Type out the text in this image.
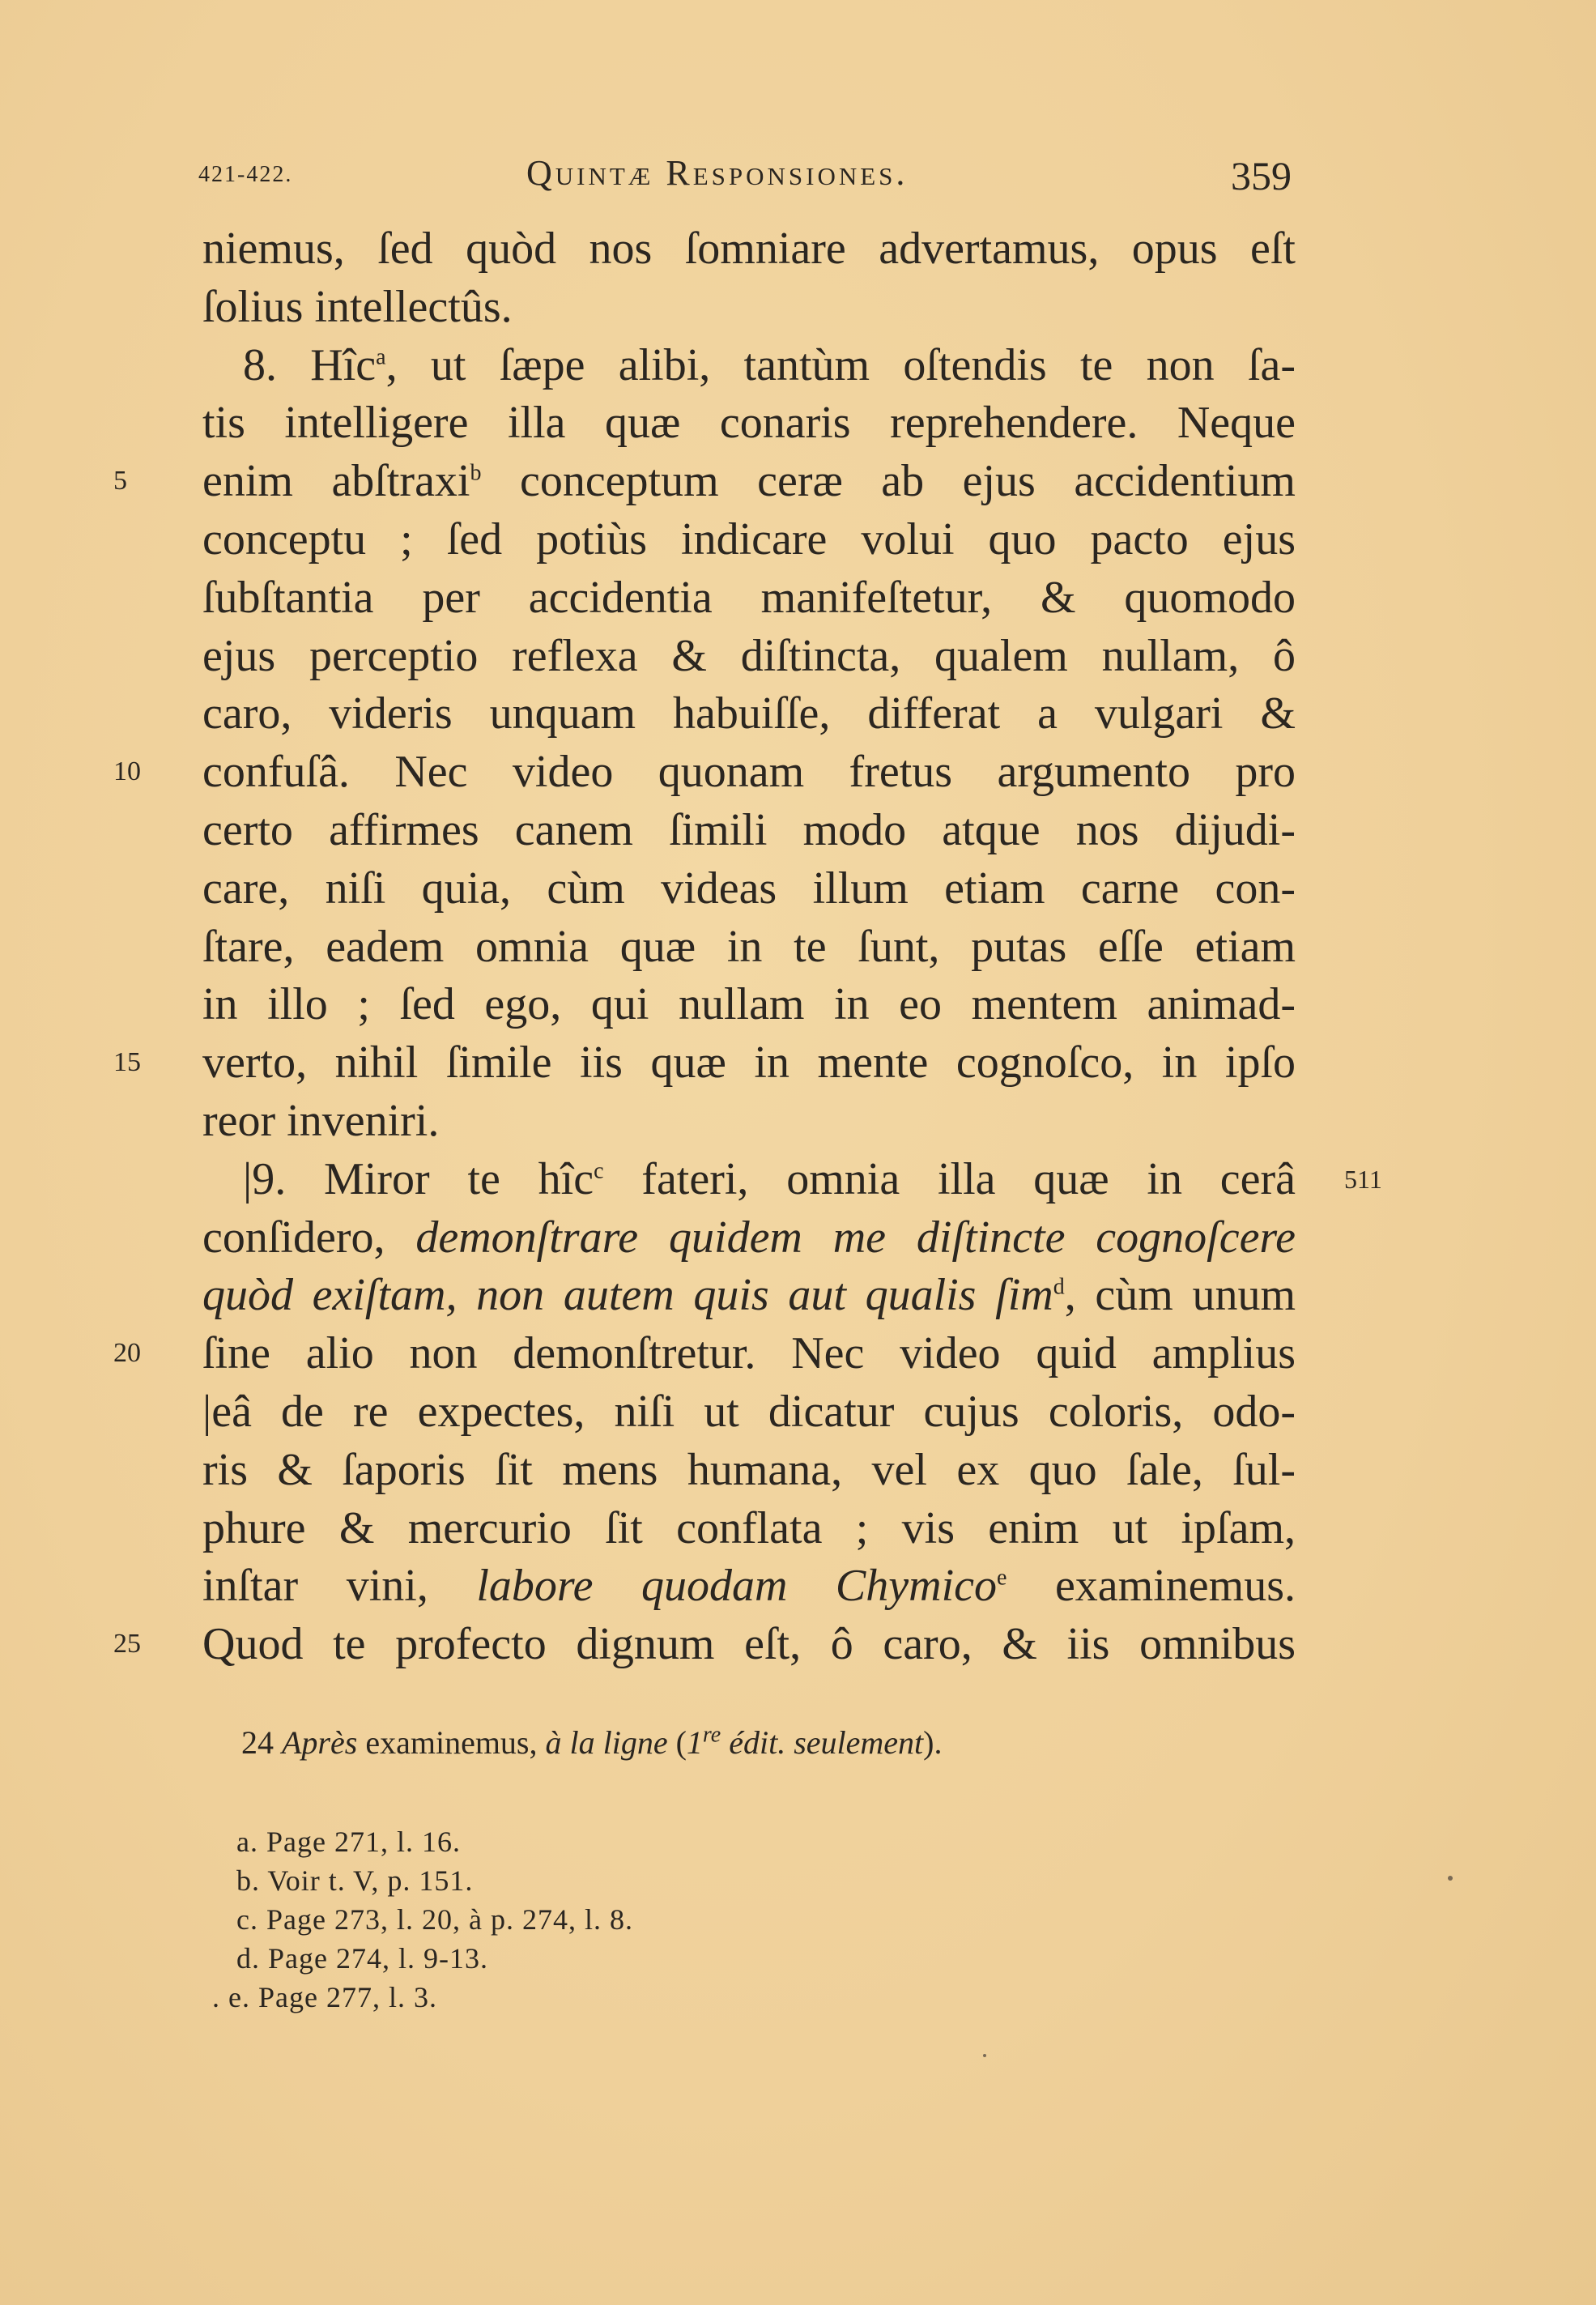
421-422.	Quintæ Responsiones.	359
niemus, ſed quòd nos ſomniare advertamus, opus eſt
ſolius intellectûs.
8. Hîc$^a$, ut ſæpe alibi, tantùm oſtendis te non ſa-
tis intelligere illa quæ conaris reprehendere. Neque
enim abſtraxi$^b$ conceptum ceræ ab ejus accidentium
5
conceptu ; ſed potiùs indicare volui quo pacto ejus
ſubſtantia per accidentia manifeſtetur, & quomodo
ejus perceptio reflexa & diſtincta, qualem nullam, ô
caro, videris unquam habuiſſe, differat a vulgari &
confuſâ. Nec video quonam fretus argumento pro
10
certo affirmes canem ſimili modo atque nos dijudi-
care, niſi quia, cùm videas illum etiam carne con-
ſtare, eadem omnia quæ in te ſunt, putas eſſe etiam
in illo ; ſed ego, qui nullam in eo mentem animad-
verto, nihil ſimile iis quæ in mente cognoſco, in ipſo
15
reor inveniri.
|9. Miror te hîc$^c$ fateri, omnia illa quæ in cerâ 511
conſidero, demonſtrare quidem me diſtincte cognoſcere
quòd exiſtam, non autem quis aut qualis ſim$^d$, cùm unum
ſine alio non demonſtretur. Nec video quid amplius
20
|eâ de re expectes, niſi ut dicatur cujus coloris, odo-
ris & ſaporis ſit mens humana, vel ex quo ſale, ſul-
phure & mercurio ſit conflata ; vis enim ut ipſam,
inſtar vini, labore quodam Chymico$^e$ examinemus.
Quod te profecto dignum eſt, ô caro, & iis omnibus
25
24 Après examinemus, à la ligne (1re édit. seulement).
a. Page 271, l. 16.
b. Voir t. V, p. 151.
c. Page 273, l. 20, à p. 274, l. 8.
d. Page 274, l. 9-13.
. e. Page 277, l. 3.
